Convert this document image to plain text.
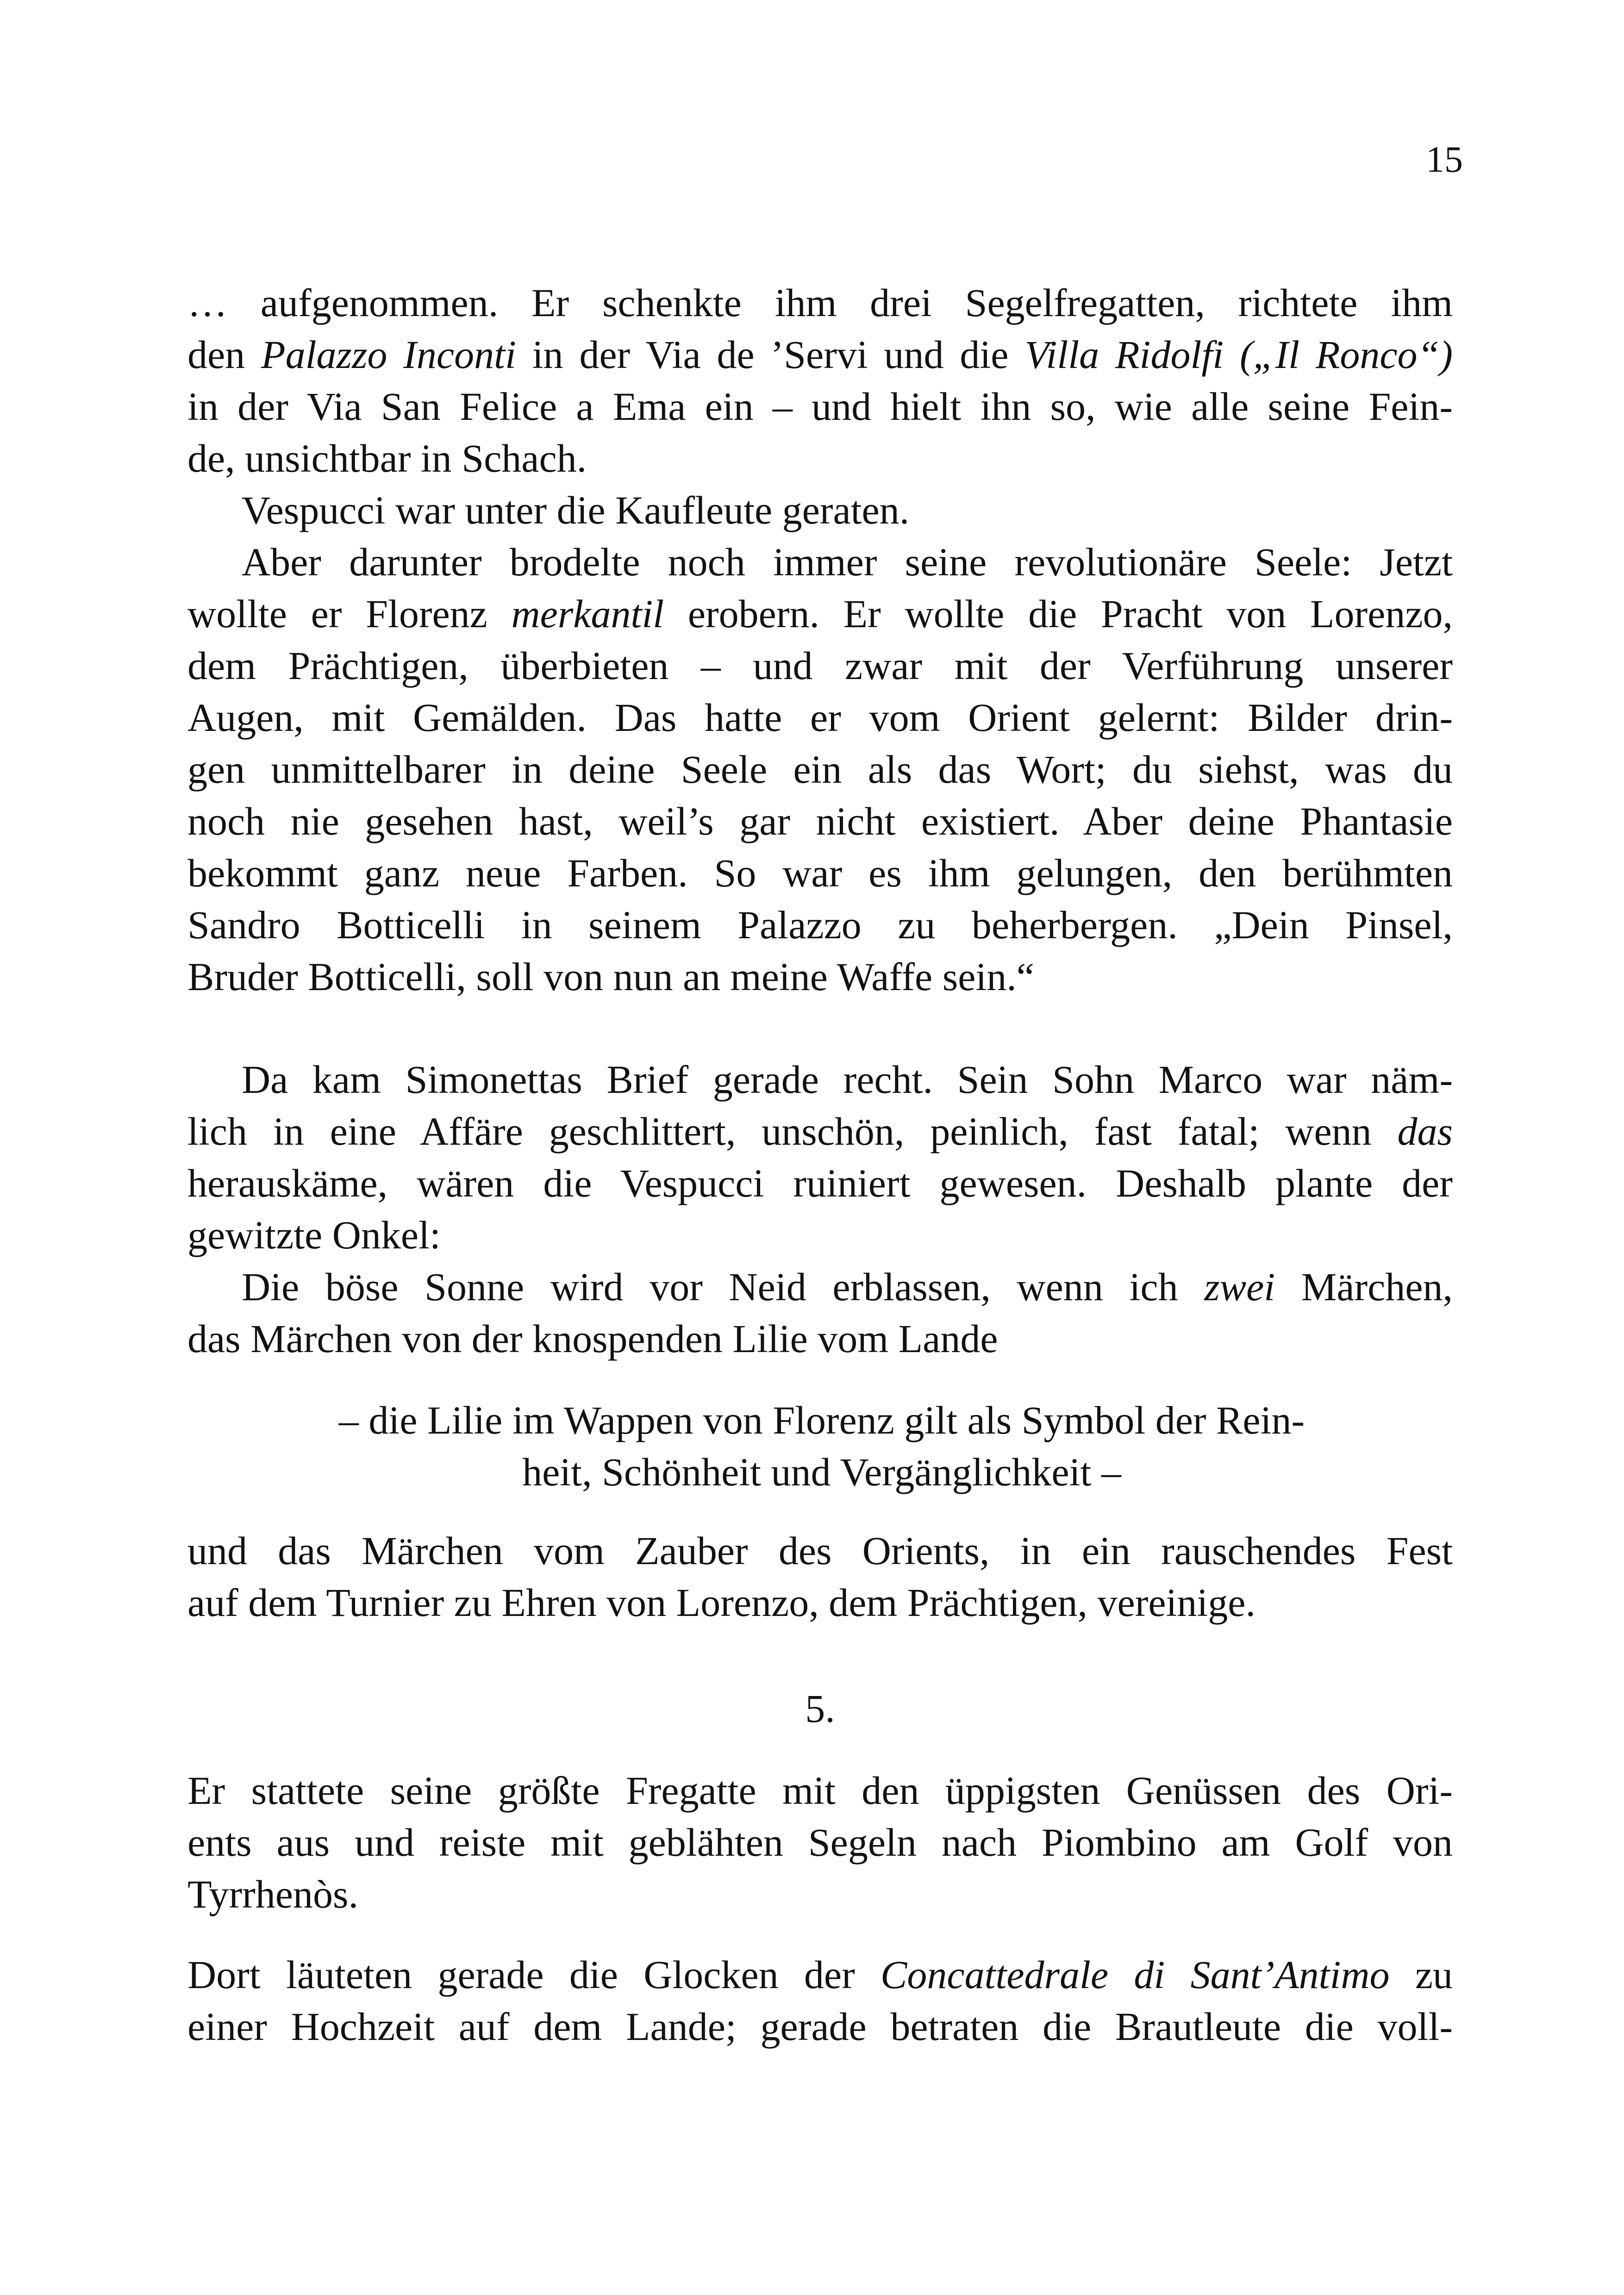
15
… aufgenommen. Er schenkte ihm drei Segelfregatten, richtete ihm
den Palazzo Inconti in der Via de ’Servi und die Villa Ridolfi („Il Ronco“)
in der Via San Felice a Ema ein – und hielt ihn so, wie alle seine Fein-
de, unsichtbar in Schach.
Vespucci war unter die Kaufleute geraten.
Aber darunter brodelte noch immer seine revolutionäre Seele: Jetzt
wollte er Florenz merkantil erobern. Er wollte die Pracht von Lorenzo,
dem Prächtigen, überbieten – und zwar mit der Verführung unserer
Augen, mit Gemälden. Das hatte er vom Orient gelernt: Bilder drin-
gen unmittelbarer in deine Seele ein als das Wort; du siehst, was du
noch nie gesehen hast, weil’s gar nicht existiert. Aber deine Phantasie
bekommt ganz neue Farben. So war es ihm gelungen, den berühmten
Sandro Botticelli in seinem Palazzo zu beherbergen. „Dein Pinsel,
Bruder Botticelli, soll von nun an meine Waffe sein.“
Da kam Simonettas Brief gerade recht. Sein Sohn Marco war näm-
lich in eine Affäre geschlittert, unschön, peinlich, fast fatal; wenn das
herauskäme, wären die Vespucci ruiniert gewesen. Deshalb plante der
gewitzte Onkel:
Die böse Sonne wird vor Neid erblassen, wenn ich zwei Märchen,
das Märchen von der knospenden Lilie vom Lande
– die Lilie im Wappen von Florenz gilt als Symbol der Rein-
heit, Schönheit und Vergänglichkeit –
und das Märchen vom Zauber des Orients, in ein rauschendes Fest
auf dem Turnier zu Ehren von Lorenzo, dem Prächtigen, vereinige.
5.
Er stattete seine größte Fregatte mit den üppigsten Genüssen des Ori-
ents aus und reiste mit geblähten Segeln nach Piombino am Golf von
Tyrrhenòs.
Dort läuteten gerade die Glocken der Concattedrale di Sant’Antimo zu
einer Hochzeit auf dem Lande; gerade betraten die Brautleute die voll-
